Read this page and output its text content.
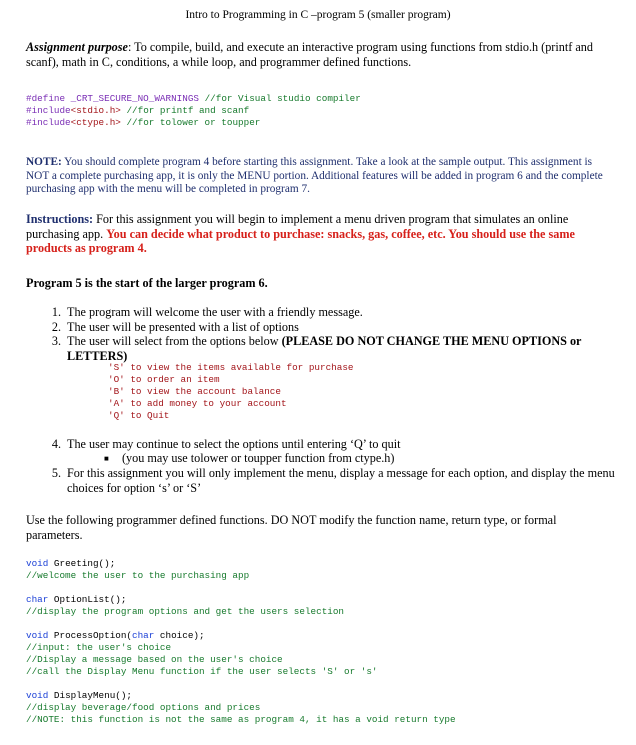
Intro to Programming in C –program 5 (smaller program)
Assignment purpose: To compile, build, and execute an interactive program using functions from stdio.h (printf and scanf), math in C, conditions, a while loop, and programmer defined functions.
#define _CRT_SECURE_NO_WARNINGS //for Visual studio compiler
#include<stdio.h> //for printf and scanf
#include<ctype.h> //for tolower or toupper
NOTE: You should complete program 4 before starting this assignment. Take a look at the sample output. This assignment is NOT a complete purchasing app, it is only the MENU portion. Additional features will be added in program 6 and the complete purchasing app with the menu will be completed in program 7.
Instructions: For this assignment you will begin to implement a menu driven program that simulates an online purchasing app. You can decide what product to purchase: snacks, gas, coffee, etc. You should use the same products as program 4.
Program 5 is the start of the larger program 6.
1. The program will welcome the user with a friendly message.
2. The user will be presented with a list of options
3. The user will select from the options below (PLEASE DO NOT CHANGE THE MENU OPTIONS or LETTERS)
'S' to view the items available for purchase
'O' to order an item
'B' to view the account balance
'A' to add money to your account
'Q' to Quit
4. The user may continue to select the options until entering ‘Q’ to quit
■ (you may use tolower or toupper function from ctype.h)
5. For this assignment you will only implement the menu, display a message for each option, and display the menu choices for option ‘s’ or ‘S’
Use the following programmer defined functions. DO NOT modify the function name, return type, or formal parameters.
void Greeting();
//welcome the user to the purchasing app
char OptionList();
//display the program options and get the users selection
void ProcessOption(char choice);
//input: the user's choice
//Display a message based on the user's choice
//call the Display Menu function if the user selects 'S' or 's'
void DisplayMenu();
//display beverage/food options and prices
//NOTE: this function is not the same as program 4, it has a void return type
